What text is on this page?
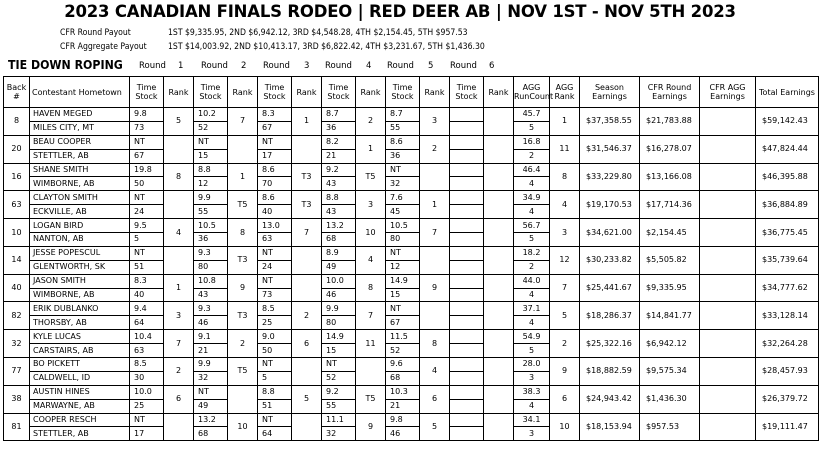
2023 CANADIAN FINALS RODEO | RED DEER AB | NOV 1ST - NOV 5TH 2023
CFR Round Payout	1ST $9,335.95, 2ND $6,942.12, 3RD $4,548.28, 4TH $2,154.45, 5TH $957.53
CFR Aggregate Payout 1ST $14,003.92, 2ND $10,413.17, 3RD $6,822.42, 4TH $3,231.67, 5TH $1,436.30
TIE DOWN ROPING Round 1 Round 2 Round 3 Round 4 Round 5 Round 6
Back #	Contestant Hometown	Time Stock	Rank	Time Stock	Rank	Time Stock	Rank	Time Stock	Rank	Time Stock	Rank	Time Stock	Rank	AGG RunCount	AGG Rank	Season Earnings	CFR Round Earnings	CFR AGG Earnings	Total Earnings
8	HAVEN MEGED	9.8	5	10.2	7	8.3	1	8.7	2	8.7	3			45.7	1	$37,358.55	$21,783.88		$59,142.43
	MILES CITY, MT	73		52		67		36		55				5					
20	BEAU COOPER	NT		NT		NT		8.2	1	8.6	2			16.8	11	$31,546.37	$16,278.07		$47,824.44
	STETTLER, AB	67		15		17		21		36				2					
16	SHANE SMITH	19.8	8	8.8	1	8.6	T3	9.2	T5	NT				46.4	8	$33,229.80	$13,166.08		$46,395.88
	WIMBORNE, AB	50		12		70		43		32				4					
63	CLAYTON SMITH	NT		9.9	T5	8.6	T3	8.8	3	7.6	1			34.9	4	$19,170.53	$17,714.36		$36,884.89
	ECKVILLE, AB	24		55		40		43		45				4					
10	LOGAN BIRD	9.5	4	10.5	8	13.0	7	13.2	10	10.5	7			56.7	3	$34,621.00	$2,154.45		$36,775.45
	NANTON, AB	5		36		63		68		80				5					
14	JESSE POPESCUL	NT		9.3	T3	NT		8.9	4	NT				18.2	12	$30,233.82	$5,505.82		$35,739.64
	GLENTWORTH, SK	51		80		24		49		12				2					
40	JASON SMITH	8.3	1	10.8	9	NT		10.0	8	14.9	9			44.0	7	$25,441.67	$9,335.95		$34,777.62
	WIMBORNE, AB	40		43		73		46		15				4					
82	ERIK DUBLANKO	9.4	3	9.3	T3	8.5	2	9.9	7	NT				37.1	5	$18,286.37	$14,841.77		$33,128.14
	THORSBY, AB	64		46		25		80		67				4					
32	KYLE LUCAS	10.4	7	9.1	2	9.0	6	14.9	11	11.5	8			54.9	2	$25,322.16	$6,942.12		$32,264.28
	CARSTAIRS, AB	63		21		50		15		52				5					
77	BO PICKETT	8.5	2	9.9	T5	NT		NT		9.6	4			28.0	9	$18,882.59	$9,575.34		$28,457.93
	CALDWELL, ID	30		32		5		52		68				3					
38	AUSTIN HINES	10.0	6	NT		8.8	5	9.2	T5	10.3	6			38.3	6	$24,943.42	$1,436.30		$26,379.72
	MARWAYNE, AB	25		49		51		55		21				4					
81	COOPER RESCH	NT		13.2	10	NT		11.1	9	9.8	5			34.1	10	$18,153.94	$957.53		$19,111.47
	STETTLER, AB	17		68		64		32		46				3					
